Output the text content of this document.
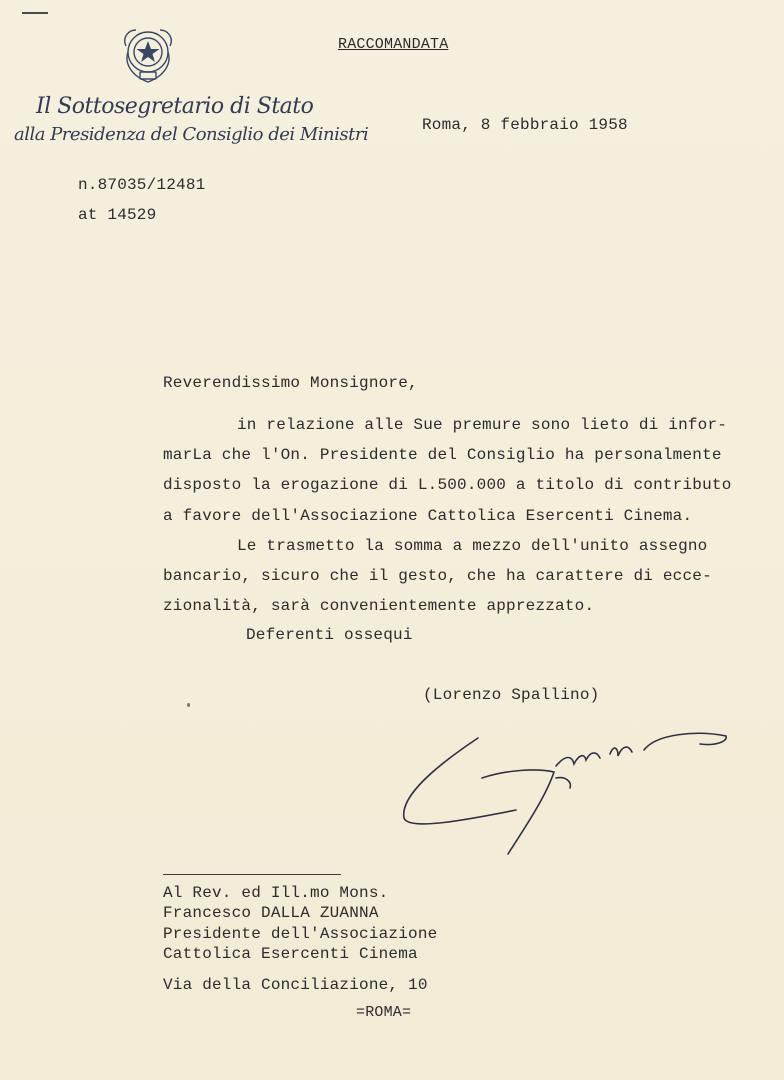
Il Sottosegretario di Stato
alla Presidenza del Consiglio dei Ministri
RACCOMANDATA
Roma, 8 febbraio 1958
n.87035/12481
at 14529
Reverendissimo Monsignore,
in relazione alle Sue premure sono lieto di infor-
marLa che l'On. Presidente del Consiglio ha personalmente
disposto la erogazione di L.500.000 a titolo di contributo
a favore dell'Associazione Cattolica Esercenti Cinema.
Le trasmetto la somma a mezzo dell'unito assegno
bancario, sicuro che il gesto, che ha carattere di ecce-
zionalità, sarà convenientemente apprezzato.
Deferenti ossequi
(Lorenzo Spallino)
Al Rev. ed Ill.mo Mons.
Francesco DALLA ZUANNA
Presidente dell'Associazione
Cattolica Esercenti Cinema
Via della Conciliazione, 10
=ROMA=
